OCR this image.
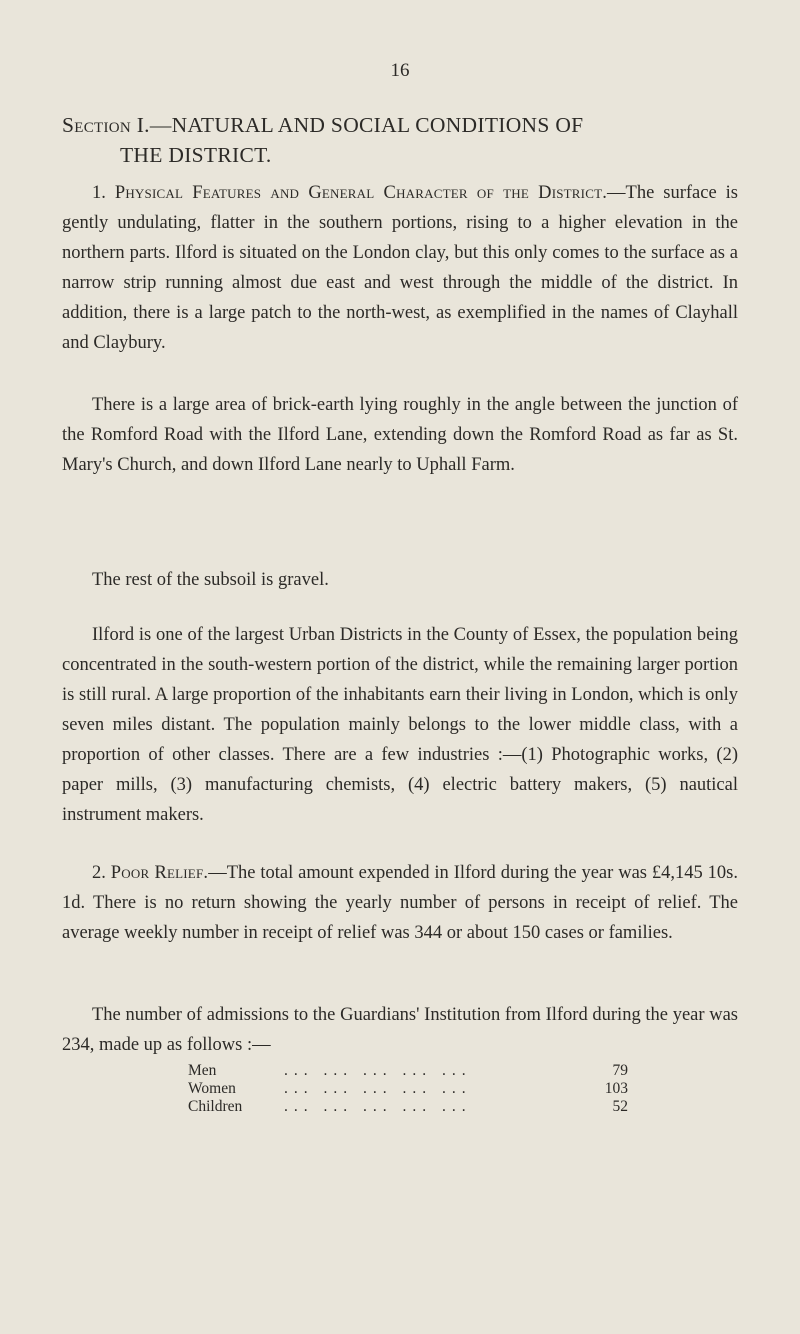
16
Section I.—NATURAL AND SOCIAL CONDITIONS OF
THE DISTRICT.

1. Physical Features and General Character of the District.—The surface is gently undulating, flatter in the southern portions, rising to a higher elevation in the northern parts. Ilford is situated on the London clay, but this only comes to the surface as a narrow strip running almost due east and west through the middle of the district. In addition, there is a large patch to the north-west, as exemplified in the names of Clayhall and Claybury.

There is a large area of brick-earth lying roughly in the angle between the junction of the Romford Road with the Ilford Lane, extending down the Romford Road as far as St. Mary's Church, and down Ilford Lane nearly to Uphall Farm.

The rest of the subsoil is gravel.

Ilford is one of the largest Urban Districts in the County of Essex, the population being concentrated in the south-western portion of the district, while the remaining larger portion is still rural. A large proportion of the inhabitants earn their living in London, which is only seven miles distant. The population mainly belongs to the lower middle class, with a proportion of other classes. There are a few industries :—(1) Photographic works, (2) paper mills, (3) manufacturing chemists, (4) electric battery makers, (5) nautical instrument makers.

2. Poor Relief.—The total amount expended in Ilford during the year was £4,145 10s. 1d. There is no return showing the yearly number of persons in receipt of relief. The average weekly number in receipt of relief was 344 or about 150 cases or families.

The number of admissions to the Guardians' Institution from Ilford during the year was 234, made up as follows :—

Men	... ... ... ... ...	79
Women	... ... ... ... ...	103
Children	... ... ... ... ...	52
